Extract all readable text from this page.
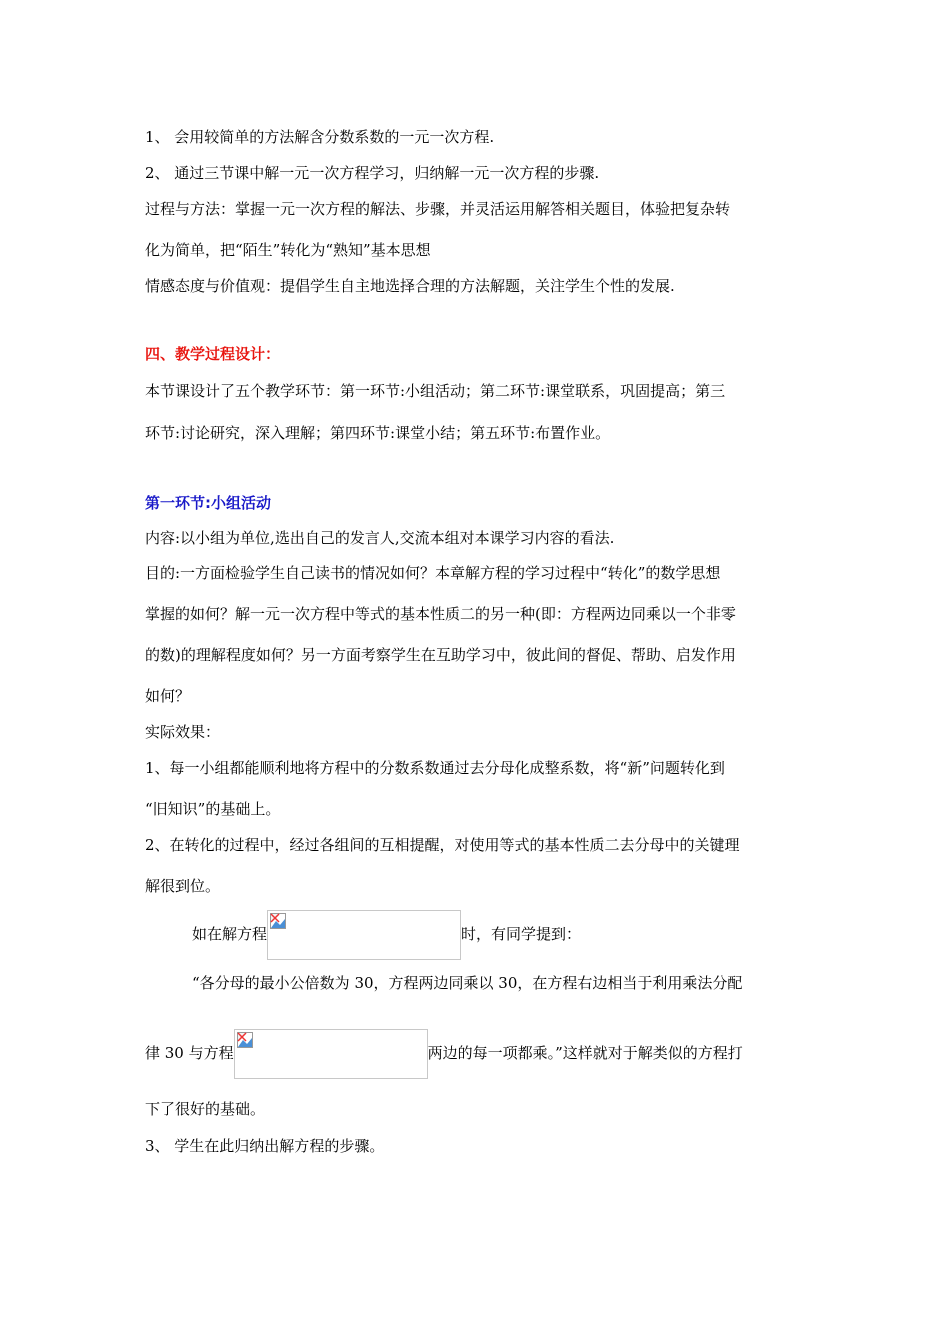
1、 会用较简单的方法解含分数系数的一元一次方程.
2、 通过三节课中解一元一次方程学习，归纳解一元一次方程的步骤.
过程与方法：掌握一元一次方程的解法、步骤，并灵活运用解答相关题目，体验把复杂转
化为简单，把“陌生”转化为“熟知”基本思想
情感态度与价值观：提倡学生自主地选择合理的方法解题，关注学生个性的发展.
四、教学过程设计：
本节课设计了五个教学环节：第一环节:小组活动；第二环节:课堂联系，巩固提高；第三
环节:讨论研究，深入理解；第四环节:课堂小结；第五环节:布置作业。
第一环节:小组活动
内容:以小组为单位,选出自己的发言人,交流本组对本课学习内容的看法.
目的:一方面检验学生自己读书的情况如何？本章解方程的学习过程中“转化”的数学思想
掌握的如何？解一元一次方程中等式的基本性质二的另一种(即：方程两边同乘以一个非零
的数)的理解程度如何？另一方面考察学生在互助学习中，彼此间的督促、帮助、启发作用
如何？
实际效果：
1、每一小组都能顺利地将方程中的分数系数通过去分母化成整系数，将“新”问题转化到
“旧知识”的基础上。
2、在转化的过程中，经过各组间的互相提醒，对使用等式的基本性质二去分母中的关键理
解很到位。
如在解方程	时，有同学提到：
“各分母的最小公倍数为 30，方程两边同乘以 30，在方程右边相当于利用乘法分配
律 30 与方程	两边的每一项都乘。”这样就对于解类似的方程打
下了很好的基础。
3、 学生在此归纳出解方程的步骤。
